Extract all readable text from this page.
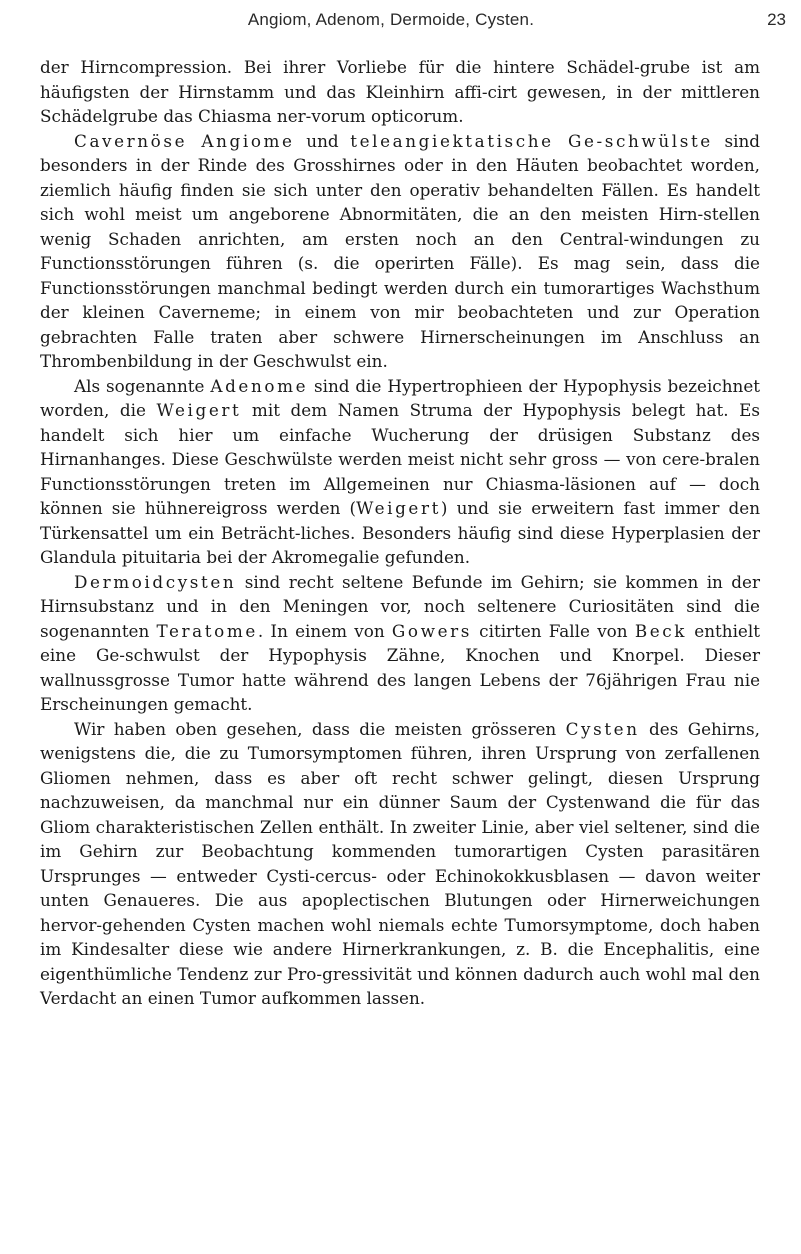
Angiom, Adenom, Dermoide, Cysten.	23

der Hirncompression. Bei ihrer Vorliebe für die hintere Schädel-grube ist am häufigsten der Hirnstamm und das Kleinhirn affi-cirt gewesen, in der mittleren Schädelgrube das Chiasma ner-vorum opticorum.

Cavernöse Angiome und teleangiektatische Ge-schwülste sind besonders in der Rinde des Grosshirnes oder in den Häuten beobachtet worden, ziemlich häufig finden sie sich unter den operativ behandelten Fällen. Es handelt sich wohl meist um angeborene Abnormitäten, die an den meisten Hirn-stellen wenig Schaden anrichten, am ersten noch an den Central-windungen zu Functionsstörungen führen (s. die operirten Fälle). Es mag sein, dass die Functionsstörungen manchmal bedingt werden durch ein tumorartiges Wachsthum der kleinen Caverneme; in einem von mir beobachteten und zur Operation gebrachten Falle traten aber schwere Hirnerscheinungen im Anschluss an Thrombenbildung in der Geschwulst ein.

Als sogenannte Adenome sind die Hypertrophieen der Hypophysis bezeichnet worden, die Weigert mit dem Namen Struma der Hypophysis belegt hat. Es handelt sich hier um einfache Wucherung der drüsigen Substanz des Hirnanhanges. Diese Geschwülste werden meist nicht sehr gross — von cere-bralen Functionsstörungen treten im Allgemeinen nur Chiasma-läsionen auf — doch können sie hühnereigross werden (Weigert) und sie erweitern fast immer den Türkensattel um ein Beträcht-liches. Besonders häufig sind diese Hyperplasien der Glandula pituitaria bei der Akromegalie gefunden.

Dermoidcysten sind recht seltene Befunde im Gehirn; sie kommen in der Hirnsubstanz und in den Meningen vor, noch seltenere Curiositäten sind die sogenannten Teratome. In einem von Gowers citirten Falle von Beck enthielt eine Ge-schwulst der Hypophysis Zähne, Knochen und Knorpel. Dieser wallnussgrosse Tumor hatte während des langen Lebens der 76jährigen Frau nie Erscheinungen gemacht.

Wir haben oben gesehen, dass die meisten grösseren Cysten des Gehirns, wenigstens die, die zu Tumorsymptomen führen, ihren Ursprung von zerfallenen Gliomen nehmen, dass es aber oft recht schwer gelingt, diesen Ursprung nachzuweisen, da manchmal nur ein dünner Saum der Cystenwand die für das Gliom charakteristischen Zellen enthält. In zweiter Linie, aber viel seltener, sind die im Gehirn zur Beobachtung kommenden tumorartigen Cysten parasitären Ursprunges — entweder Cysti-cercus- oder Echinokokkusblasen — davon weiter unten Genaueres. Die aus apoplectischen Blutungen oder Hirnerweichungen hervor-gehenden Cysten machen wohl niemals echte Tumorsymptome, doch haben im Kindesalter diese wie andere Hirnerkrankungen, z. B. die Encephalitis, eine eigenthümliche Tendenz zur Pro-gressivität und können dadurch auch wohl mal den Verdacht an einen Tumor aufkommen lassen.
